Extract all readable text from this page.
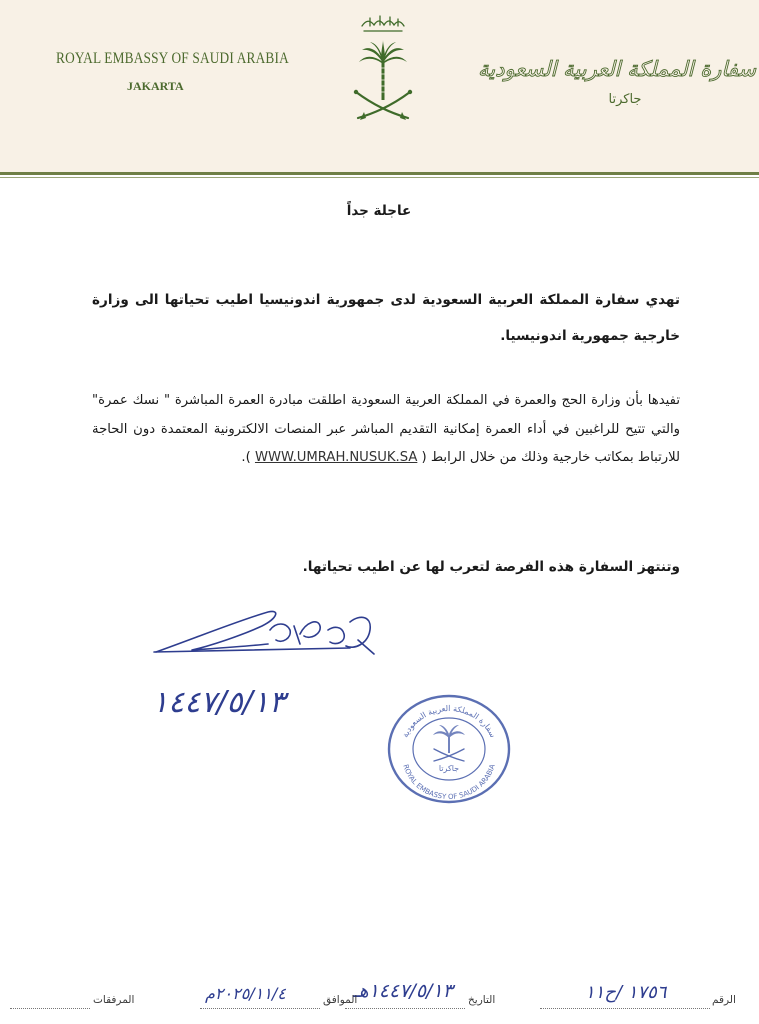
ROYAL EMBASSY OF SAUDI ARABIA
JAKARTA
سفارة المملكة العربية السعودية
جاكرتا
عاجلة جداً
تهدي سفارة المملكة العربية السعودية لدى جمهورية اندونيسيا اطيب تحياتها الى وزارة خارجية جمهورية اندونيسيا.
تفيدها بأن وزارة الحج والعمرة في المملكة العربية السعودية اطلقت مبادرة العمرة المباشرة " نسك عمرة" والتي تتيح للراغبين في أداء العمرة إمكانية التقديم المباشر عبر المنصات الالكترونية المعتمدة دون الحاجة للارتباط بمكاتب خارجية وذلك من خلال الرابط ( WWW.UMRAH.NUSUK.SA ).
وتنتهز السفارة هذه الفرصة لتعرب لها عن اطيب تحياتها.
١٤٤٧/٥/١٣
سفارة المملكة العربية السعودية
ROYAL EMBASSY OF SAUDI ARABIA
جاكرتا
الرقم
١٧٥٦ /ح١١
التاريخ
١٤٤٧/٥/١٣هـ
الموافق
٢٠٢٥/١١/٤م
المرفقات
